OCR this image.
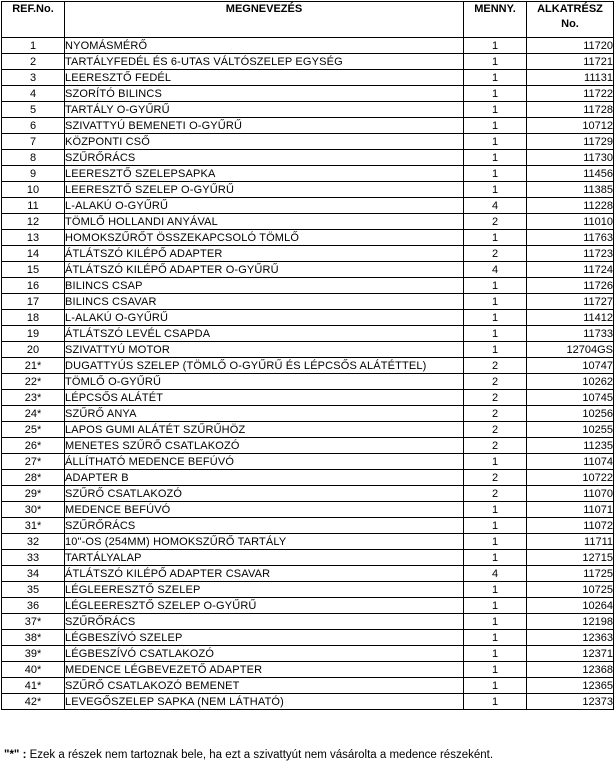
REF.No.	MEGNEVEZÉS	MENNY.	ALKATRÉSZ No.
1	NYOMÁSMÉRŐ	1	11720
2	TARTÁLYFEDÉL ÉS 6-UTAS VÁLTÓSZELEP EGYSÉG	1	11721
3	LEERESZTŐ FEDÉL	1	11131
4	SZORÍTÓ BILINCS	1	11722
5	TARTÁLY O-GYŰRŰ	1	11728
6	SZIVATTYÚ BEMENETI O-GYŰRŰ	1	10712
7	KÖZPONTI CSŐ	1	11729
8	SZŰRŐRÁCS	1	11730
9	LEERESZTŐ SZELEPSAPKA	1	11456
10	LEERESZTŐ SZELEP O-GYŰRŰ	1	11385
11	L-ALAKÚ O-GYŰRŰ	4	11228
12	TÖMLŐ HOLLANDI ANYÁVAL	2	11010
13	HOMOKSZŰRŐT ÖSSZEKAPCSOLÓ TÖMLŐ	1	11763
14	ÁTLÁTSZÓ KILÉPŐ ADAPTER	2	11723
15	ÁTLÁTSZÓ KILÉPŐ ADAPTER O-GYŰRŰ	4	11724
16	BILINCS CSAP	1	11726
17	BILINCS CSAVAR	1	11727
18	L-ALAKÚ O-GYŰRŰ	1	11412
19	ÁTLÁTSZÓ LEVÉL CSAPDA	1	11733
20	SZIVATTYÚ MOTOR	1	12704GS
21*	DUGATTYÚS SZELEP (TÖMLŐ O-GYŰRŰ ÉS LÉPCSŐS ALÁTÉTTEL)	2	10747
22*	TÖMLŐ O-GYŰRŰ	2	10262
23*	LÉPCSŐS ALÁTÉT	2	10745
24*	SZŰRŐ ANYA	2	10256
25*	LAPOS GUMI ALÁTÉT SZŰRŰHÖZ	2	10255
26*	MENETES SZŰRŐ CSATLAKOZÓ	2	11235
27*	ÁLLÍTHATÓ MEDENCE BEFÚVÓ	1	11074
28*	ADAPTER B	2	10722
29*	SZŰRŐ CSATLAKOZÓ	2	11070
30*	MEDENCE BEFÚVÓ	1	11071
31*	SZŰRŐRÁCS	1	11072
32	10"-OS (254MM) HOMOKSZŰRŐ TARTÁLY	1	11711
33	TARTÁLYALAP	1	12715
34	ÁTLÁTSZÓ KILÉPŐ ADAPTER CSAVAR	4	11725
35	LÉGLEERESZTŐ SZELEP	1	10725
36	LÉGLEERESZTŐ SZELEP O-GYŰRŰ	1	10264
37*	SZŰRŐRÁCS	1	12198
38*	LÉGBESZÍVÓ SZELEP	1	12363
39*	LÉGBESZÍVÓ CSATLAKOZÓ	1	12371
40*	MEDENCE LÉGBEVEZETŐ ADAPTER	1	12368
41*	SZŰRŐ CSATLAKOZÓ BEMENET	1	12365
42*	LEVEGŐSZELEP SAPKA (NEM LÁTHATÓ)	1	12373
"*" : Ezek a részek nem tartoznak bele, ha ezt a szivattyút nem vásárolta a medence részeként.
